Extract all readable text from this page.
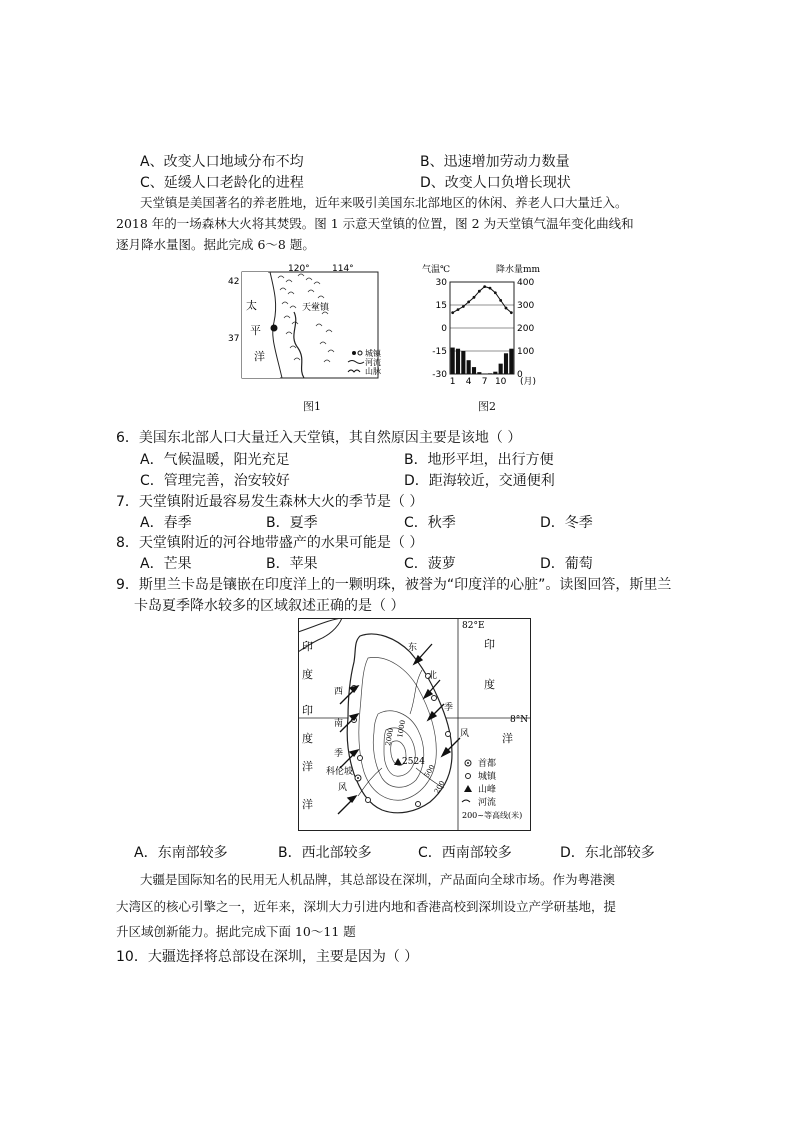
A、改变人口地域分布不均	B、迅速增加劳动力数量
C、延缓人口老龄化的进程	D、改变人口负增长现状
天堂镇是美国著名的养老胜地，近年来吸引美国东北部地区的休闲、养老人口大量迁入。
2018 年的一场森林大火将其焚毁。图 1 示意天堂镇的位置，图 2 为天堂镇气温年变化曲线和
逐月降水量图。据此完成 6～8 题。
120° 114°
42
37
太
平
洋
天堂镇
城镇
河流
山脉
图1
气温℃	降水量mm
30
15
0
-15
-30
400
300
200
100
0
1 4 7 10 (月)
图2
6．美国东北部人口大量迁入天堂镇，其自然原因主要是该地（ ）
A．气候温暖，阳光充足	B．地形平坦，出行方便
C．管理完善，治安较好	D．距海较近，交通便利
7．天堂镇附近最容易发生森林大火的季节是（ ）
A．春季	B．夏季	C．秋季	D．冬季
8．天堂镇附近的河谷地带盛产的水果可能是（ ）
A．芒果	B．苹果	C．菠萝	D．葡萄
9．斯里兰卡岛是镶嵌在印度洋上的一颗明珠，被誉为“印度洋的心脏”。读图回答，斯里兰
卡岛夏季降水较多的区域叙述正确的是（ ）
印
度
印
度
洋
印
度
洋
洋
东
北
季
风
西
南
季
风
科伦坡
2524
82°E
8°N
2000 1000
500
200
首都
城镇
山峰
河流
200~等高线(米)
A．东南部较多	B．西北部较多	C．西南部较多	D．东北部较多
大疆是国际知名的民用无人机品牌，其总部设在深圳，产品面向全球市场。作为粤港澳
大湾区的核心引擎之一，近年来，深圳大力引进内地和香港高校到深圳设立产学研基地，提
升区域创新能力。据此完成下面 10～11 题
10．大疆选择将总部设在深圳，主要是因为（ ）
